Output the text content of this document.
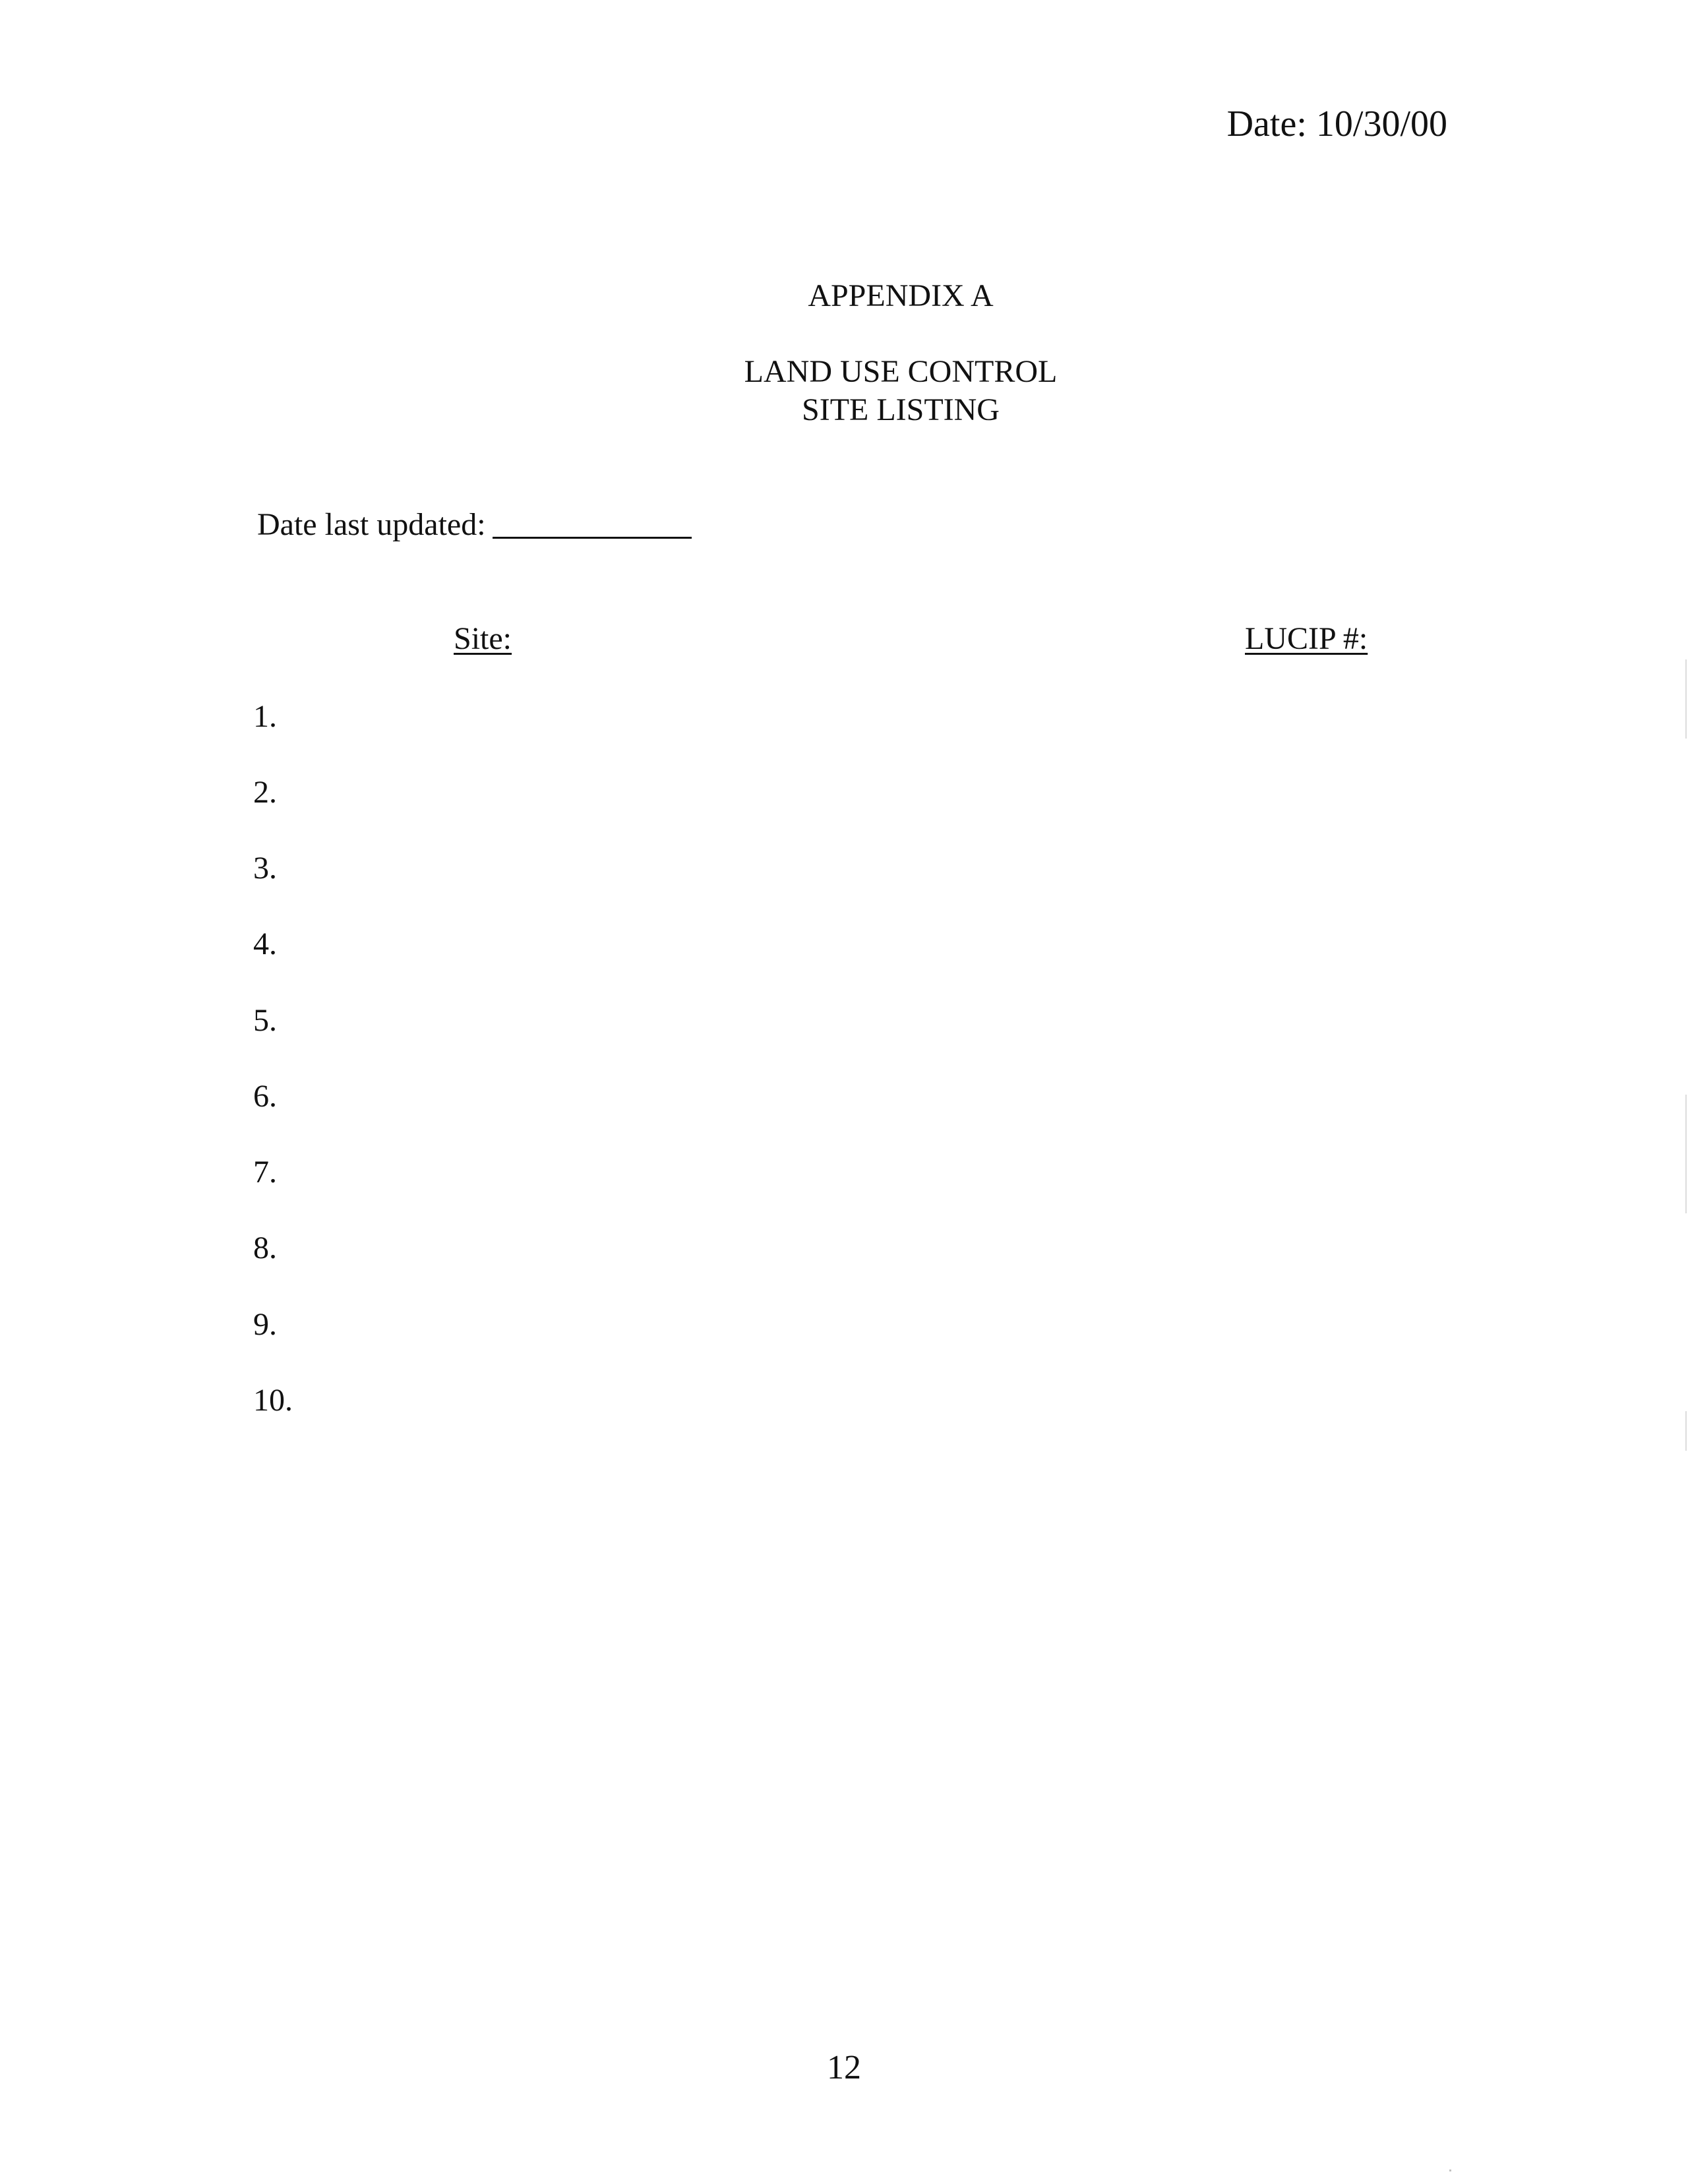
Date: 10/30/00
APPENDIX A
LAND USE CONTROL
SITE LISTING
Date last updated:
Site:	LUCIP #:
1.
2.
3.
4.
5.
6.
7.
8.
9.
10.
12
